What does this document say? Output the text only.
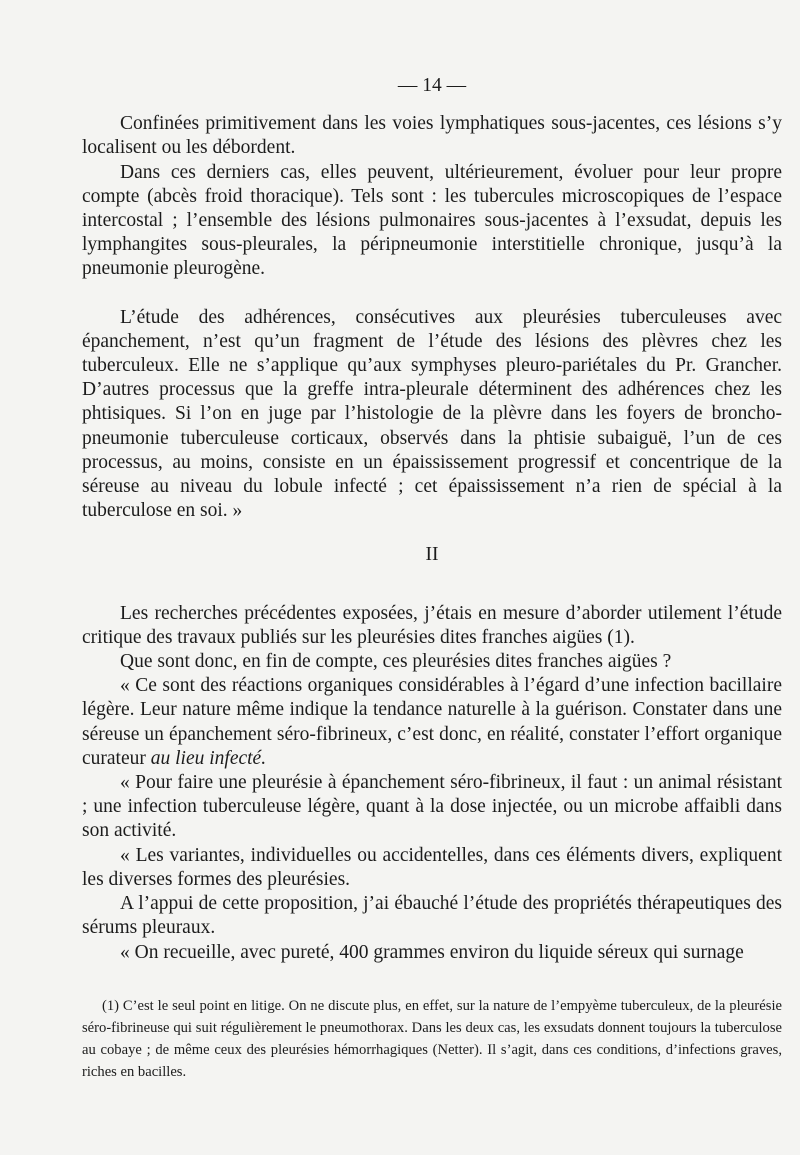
— 14 —

Confinées primitivement dans les voies lymphatiques sous-jacentes, ces lésions s’y localisent ou les débordent.

Dans ces derniers cas, elles peuvent, ultérieurement, évoluer pour leur propre compte (abcès froid thoracique). Tels sont : les tubercules microscopiques de l’espace intercostal ; l’ensemble des lésions pulmonaires sous-jacentes à l’exsudat, depuis les lymphangites sous-pleurales, la péripneumonie interstitielle chronique, jusqu’à la pneumonie pleurogène.

L’étude des adhérences, consécutives aux pleurésies tuberculeuses avec épanchement, n’est qu’un fragment de l’étude des lésions des plèvres chez les tuberculeux. Elle ne s’applique qu’aux symphyses pleuro-pariétales du Pr. Grancher. D’autres processus que la greffe intra-pleurale déterminent des adhérences chez les phtisiques. Si l’on en juge par l’histologie de la plèvre dans les foyers de broncho-pneumonie tuberculeuse corticaux, observés dans la phtisie subaiguë, l’un de ces processus, au moins, consiste en un épaississement progressif et concentrique de la séreuse au niveau du lobule infecté ; cet épaississement n’a rien de spécial à la tuberculose en soi. »

II

Les recherches précédentes exposées, j’étais en mesure d’aborder utilement l’étude critique des travaux publiés sur les pleurésies dites franches aigües (1).

Que sont donc, en fin de compte, ces pleurésies dites franches aigües ?

« Ce sont des réactions organiques considérables à l’égard d’une infection bacillaire légère. Leur nature même indique la tendance naturelle à la guérison. Constater dans une séreuse un épanchement séro-fibrineux, c’est donc, en réalité, constater l’effort organique curateur au lieu infecté.

« Pour faire une pleurésie à épanchement séro-fibrineux, il faut : un animal résistant ; une infection tuberculeuse légère, quant à la dose injectée, ou un microbe affaibli dans son activité.

« Les variantes, individuelles ou accidentelles, dans ces éléments divers, expliquent les diverses formes des pleurésies.

A l’appui de cette proposition, j’ai ébauché l’étude des propriétés thérapeutiques des sérums pleuraux.

« On recueille, avec pureté, 400 grammes environ du liquide séreux qui surnage

(1) C’est le seul point en litige. On ne discute plus, en effet, sur la nature de l’empyème tuberculeux, de la pleurésie séro-fibrineuse qui suit régulièrement le pneumothorax. Dans les deux cas, les exsudats donnent toujours la tuberculose au cobaye ; de même ceux des pleurésies hémorrhagiques (Netter). Il s’agit, dans ces conditions, d’infections graves, riches en bacilles.
